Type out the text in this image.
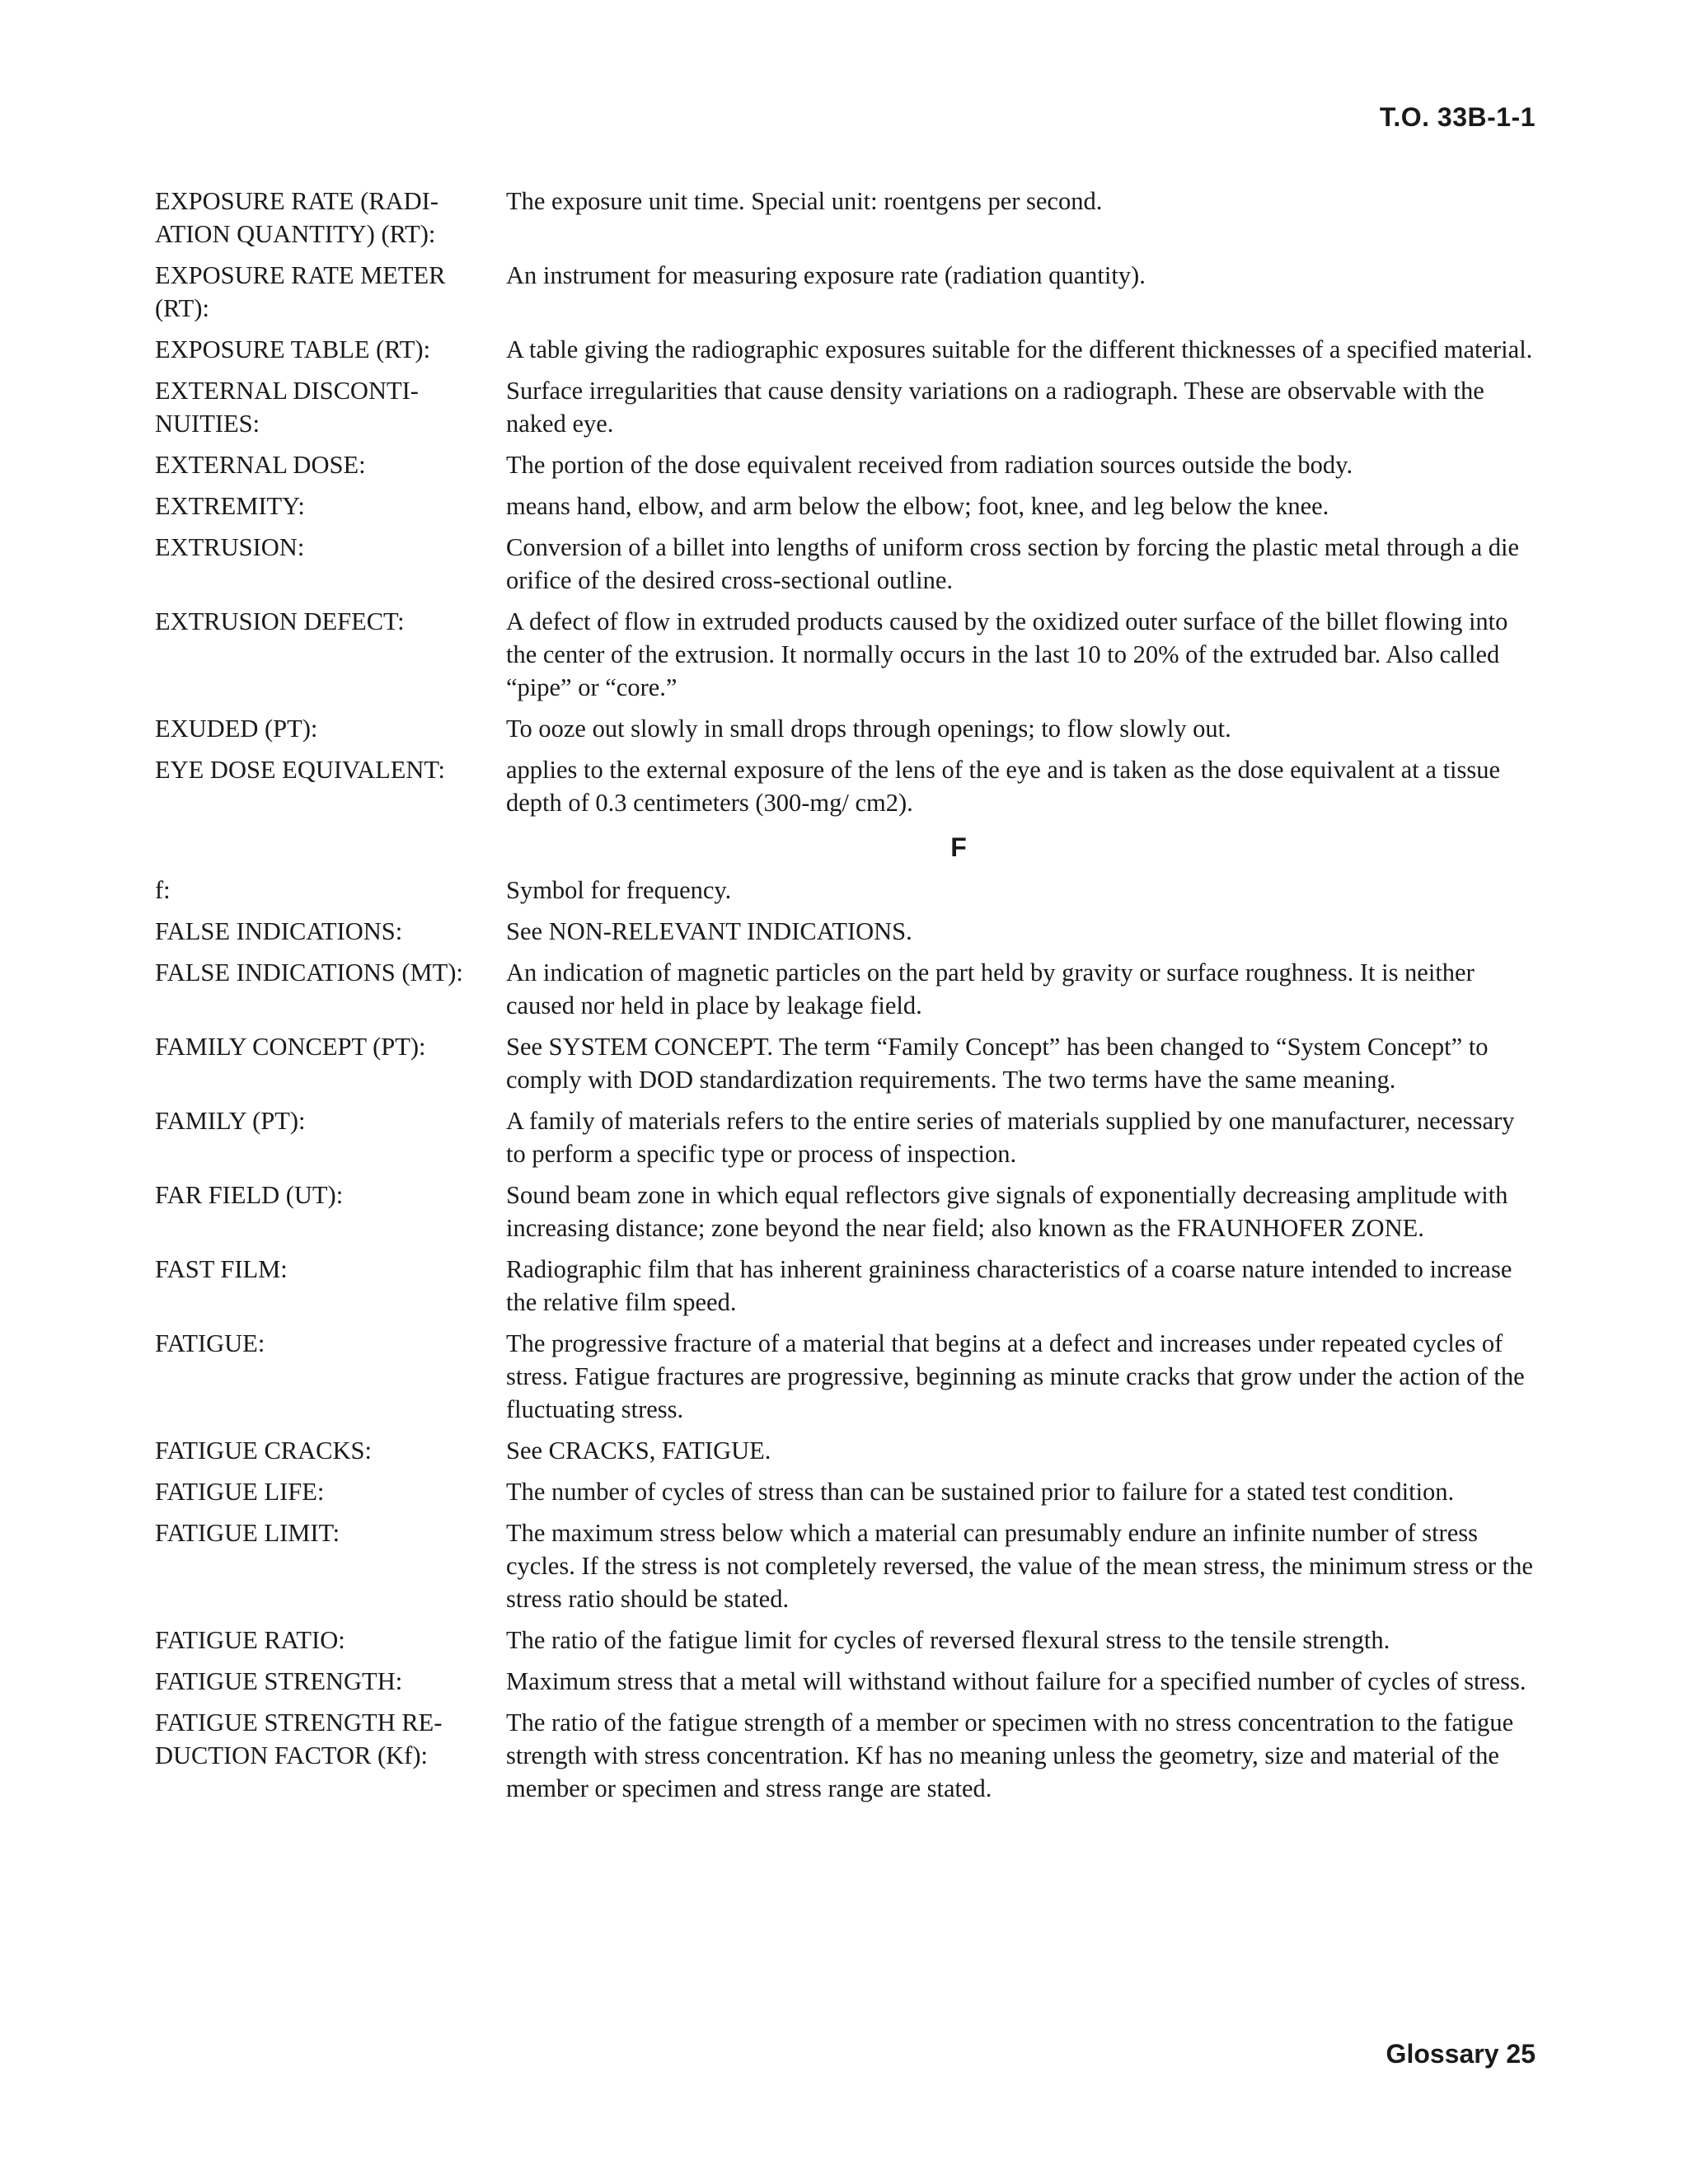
T.O. 33B-1-1
EXPOSURE RATE (RADI-ATION QUANTITY) (RT):
The exposure unit time. Special unit: roentgens per second.
EXPOSURE RATE METER (RT):
An instrument for measuring exposure rate (radiation quantity).
EXPOSURE TABLE (RT):	A table giving the radiographic exposures suitable for the different thicknesses of a specified material.
EXTERNAL DISCONTI-NUITIES:
Surface irregularities that cause density variations on a radiograph. These are observable with the naked eye.
EXTERNAL DOSE:	The portion of the dose equivalent received from radiation sources outside the body.
EXTREMITY:	means hand, elbow, and arm below the elbow; foot, knee, and leg below the knee.
EXTRUSION:	Conversion of a billet into lengths of uniform cross section by forcing the plastic metal through a die orifice of the desired cross-sectional outline.
EXTRUSION DEFECT:	A defect of flow in extruded products caused by the oxidized outer surface of the billet flowing into the center of the extrusion. It normally occurs in the last 10 to 20% of the extruded bar. Also called “pipe” or “core.”
EXUDED (PT):	To ooze out slowly in small drops through openings; to flow slowly out.
EYE DOSE EQUIVALENT:	applies to the external exposure of the lens of the eye and is taken as the dose equivalent at a tissue depth of 0.3 centimeters (300-mg/ cm2).
F
f:	Symbol for frequency.
FALSE INDICATIONS:	See NON-RELEVANT INDICATIONS.
FALSE INDICATIONS (MT):	An indication of magnetic particles on the part held by gravity or surface roughness. It is neither caused nor held in place by leakage field.
FAMILY CONCEPT (PT):	See SYSTEM CONCEPT. The term “Family Concept” has been changed to “System Concept” to comply with DOD standardization requirements. The two terms have the same meaning.
FAMILY (PT):	A family of materials refers to the entire series of materials supplied by one manufacturer, necessary to perform a specific type or process of inspection.
FAR FIELD (UT):	Sound beam zone in which equal reflectors give signals of exponentially decreasing amplitude with increasing distance; zone beyond the near field; also known as the FRAUNHOFER ZONE.
FAST FILM:	Radiographic film that has inherent graininess characteristics of a coarse nature intended to increase the relative film speed.
FATIGUE:	The progressive fracture of a material that begins at a defect and increases under repeated cycles of stress. Fatigue fractures are progressive, beginning as minute cracks that grow under the action of the fluctuating stress.
FATIGUE CRACKS:	See CRACKS, FATIGUE.
FATIGUE LIFE:	The number of cycles of stress than can be sustained prior to failure for a stated test condition.
FATIGUE LIMIT:	The maximum stress below which a material can presumably endure an infinite number of stress cycles. If the stress is not completely reversed, the value of the mean stress, the minimum stress or the stress ratio should be stated.
FATIGUE RATIO:	The ratio of the fatigue limit for cycles of reversed flexural stress to the tensile strength.
FATIGUE STRENGTH:	Maximum stress that a metal will withstand without failure for a specified number of cycles of stress.
FATIGUE STRENGTH RE-DUCTION FACTOR (Kf):
The ratio of the fatigue strength of a member or specimen with no stress concentration to the fatigue strength with stress concentration. Kf has no meaning unless the geometry, size and material of the member or specimen and stress range are stated.
Glossary 25
